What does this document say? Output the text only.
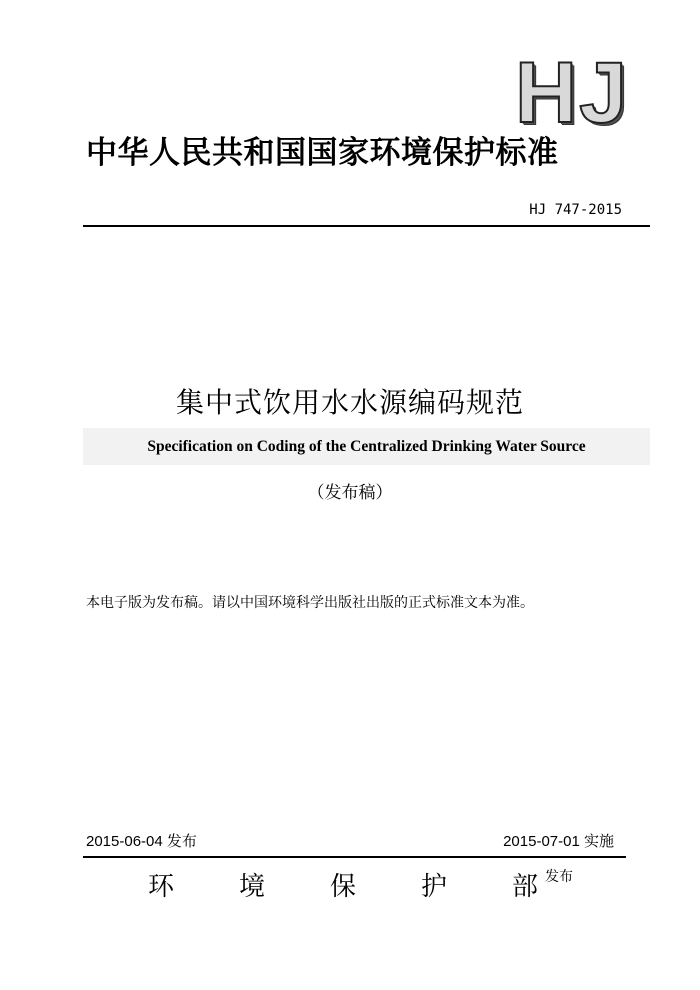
HJ
中华人民共和国国家环境保护标准
HJ 747-2015
集中式饮用水水源编码规范
Specification on Coding of the Centralized Drinking Water Source
（发布稿）
本电子版为发布稿。请以中国环境科学出版社出版的正式标准文本为准。
2015-06-04 发布	2015-07-01 实施
环 境 保 护 部 发布
